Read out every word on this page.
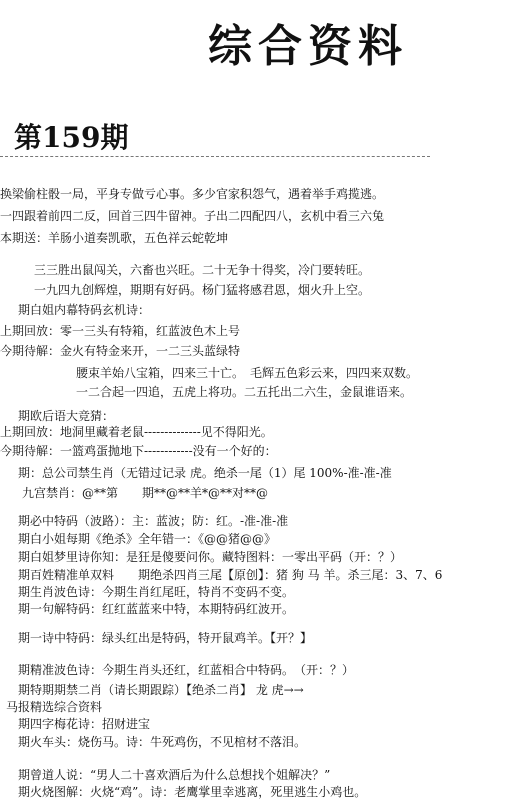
综合资料
第159期
换梁偷柱骰一局，平身专做亏心事。多少官家积怨气，遇着举手鸡揽逃。
一四跟着前四二反，回首三四牛留神。子出二四配四八，玄机中看三六兔
本期送：羊肠小道奏凯歌，五色祥云蛇乾坤
三三胜出鼠闯关，六畜也兴旺。二十无争十得奖，冷门要转旺。
一九四九创辉煌，期期有好码。杨门猛将感君恩，烟火升上空。
期白姐内幕特码玄机诗：
上期回放：零一三头有特箱，红蓝波色木上号
今期待解：金火有特金来开，一二三头蓝绿特
腰束羊始八宝箱，四来三十亡。　毛辉五色彩云来，四四来双数。
一二合起一四追，五虎上将功。二五托出二六生，金鼠谁语来。
期欧后语大竞猜：
上期回放：地洞里藏着老鼠--------------见不得阳光。
今期待解：一篮鸡蛋抛地下------------没有一个好的：
期：总公司禁生肖（无错过记录 虎。绝杀一尾（1）尾 100%-准-准-准
九宫禁肖：@**第　　期**@**羊*@**对**@
期必中特码（波路）：主：蓝波；防：红。-准-准-准
期白小姐每期《绝杀》全年错一：《@@猪@@》
期白姐梦里诗你知：是狂是傻要问你。藏特图料：一零出平码（开：？）
期百姓精准单双料　　期绝杀四肖三尾【原创】：猪 狗 马 羊。杀三尾：3、7、6
期生肖波色诗：今期生肖红尾旺，特肖不变码不变。
期一句解特码：红红蓝蓝来中特，本期特码红波开。
期一诗中特码：绿头红出是特码，特开鼠鸡羊。【开？】
期精准波色诗：今期生肖头还红，红蓝相合中特码。　（开：？）
期特期期禁二肖（请长期跟踪）【绝杀二肖】 龙 虎→→
马报精选综合资料
期四字梅花诗：招财进宝
期火车头：烧伤马。诗：牛死鸡伤，不见棺材不落泪。
期曾道人说：“男人二十喜欢酒后为什么总想找个姐解决？”
期火烧图解：火烧“鸡”。诗：老鹰掌里幸逃离，死里逃生小鸡也。
